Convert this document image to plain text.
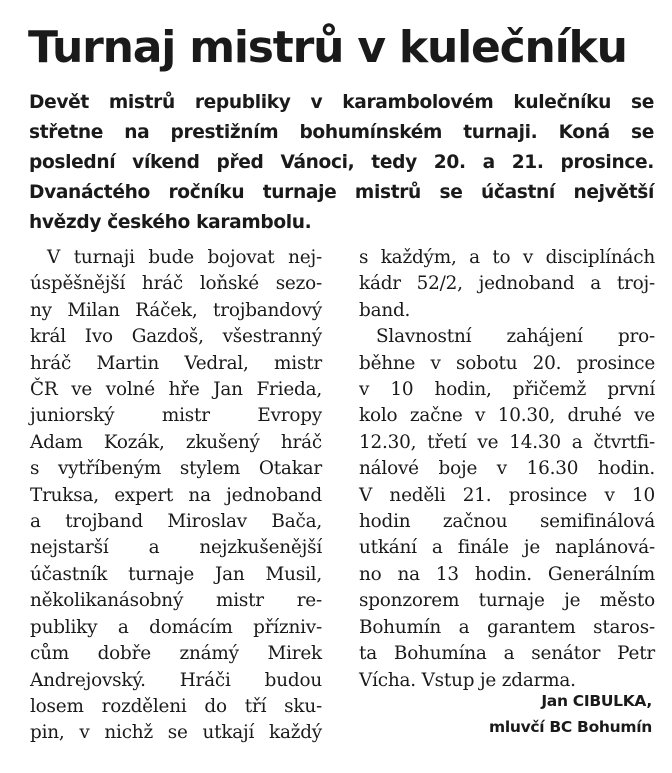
Turnaj mistrů v kulečníku
Devět mistrů republiky v karambolovém kulečníku se
střetne na prestižním bohumínském turnaji. Koná se
poslední víkend před Vánoci, tedy 20. a 21. prosince.
Dvanáctého ročníku turnaje mistrů se účastní největší
hvězdy českého karambolu.
V turnaji bude bojovat nej-
úspěšnější hráč loňské sezo-
ny Milan Ráček, trojbandový
král Ivo Gazdoš, všestranný
hráč Martin Vedral, mistr
ČR ve volné hře Jan Frieda,
juniorský mistr Evropy
Adam Kozák, zkušený hráč
s vytříbeným stylem Otakar
Truksa, expert na jednoband
a trojband Miroslav Bača,
nejstarší a nejzkušenější
účastník turnaje Jan Musil,
několikanásobný mistr re-
publiky a domácím přízniv-
cům dobře známý Mirek
Andrejovský. Hráči budou
losem rozděleni do tří sku-
pin, v nichž se utkají každý
s každým, a to v disciplínách
kádr 52/2, jednoband a troj-
band.
Slavnostní zahájení pro-
běhne v sobotu 20. prosince
v 10 hodin, přičemž první
kolo začne v 10.30, druhé ve
12.30, třetí ve 14.30 a čtvrtfi-
nálové boje v 16.30 hodin.
V neděli 21. prosince v 10
hodin začnou semifinálová
utkání a finále je naplánová-
no na 13 hodin. Generálním
sponzorem turnaje je město
Bohumín a garantem staros-
ta Bohumína a senátor Petr
Vícha. Vstup je zdarma.
Jan CIBULKA,
mluvčí BC Bohumín
